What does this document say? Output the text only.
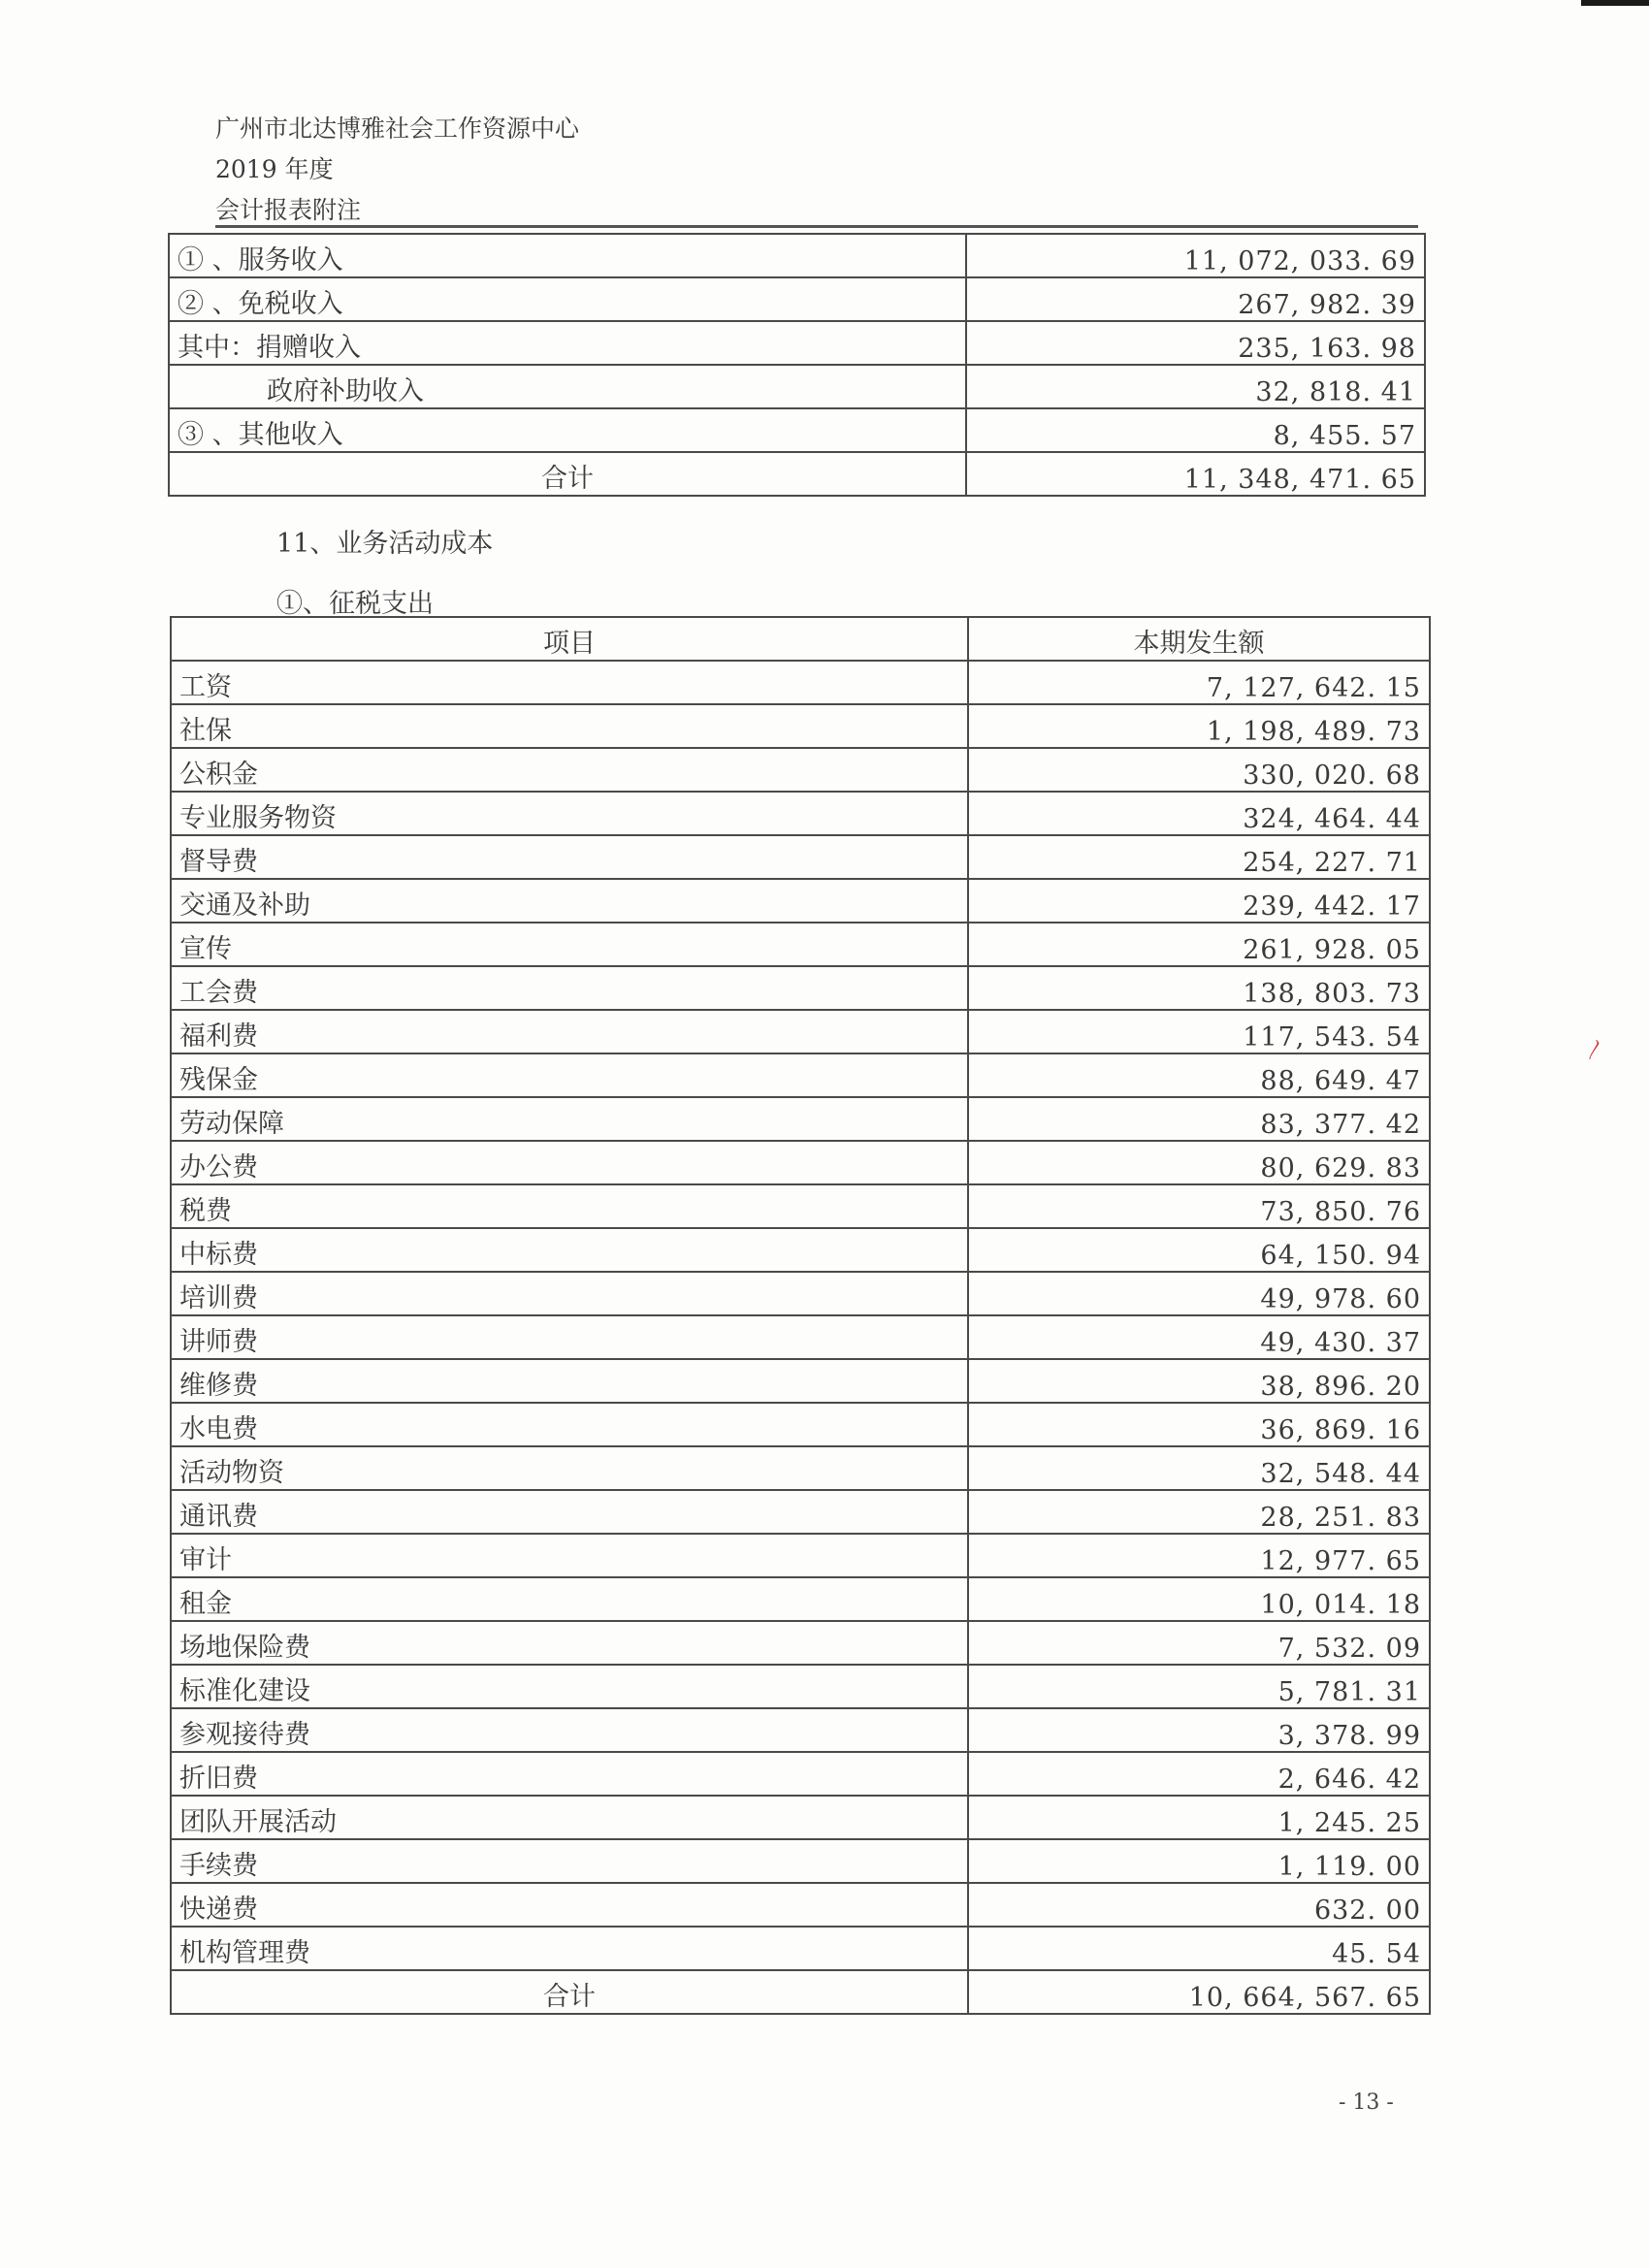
广州市北达博雅社会工作资源中心
2019 年度
会计报表附注
① 、服务收入	11, 072, 033. 69
② 、免税收入	267, 982. 39
其中：捐赠收入	235, 163. 98
政府补助收入	32, 818. 41
③ 、其他收入	8, 455. 57
合计	11, 348, 471. 65
11、业务活动成本
①、征税支出
项目	本期发生额
工资	7, 127, 642. 15
社保	1, 198, 489. 73
公积金	330, 020. 68
专业服务物资	324, 464. 44
督导费	254, 227. 71
交通及补助	239, 442. 17
宣传	261, 928. 05
工会费	138, 803. 73
福利费	117, 543. 54
残保金	88, 649. 47
劳动保障	83, 377. 42
办公费	80, 629. 83
税费	73, 850. 76
中标费	64, 150. 94
培训费	49, 978. 60
讲师费	49, 430. 37
维修费	38, 896. 20
水电费	36, 869. 16
活动物资	32, 548. 44
通讯费	28, 251. 83
审计	12, 977. 65
租金	10, 014. 18
场地保险费	7, 532. 09
标准化建设	5, 781. 31
参观接待费	3, 378. 99
折旧费	2, 646. 42
团队开展活动	1, 245. 25
手续费	1, 119. 00
快递费	632. 00
机构管理费	45. 54
合计	10, 664, 567. 65
〳
- 13 -
